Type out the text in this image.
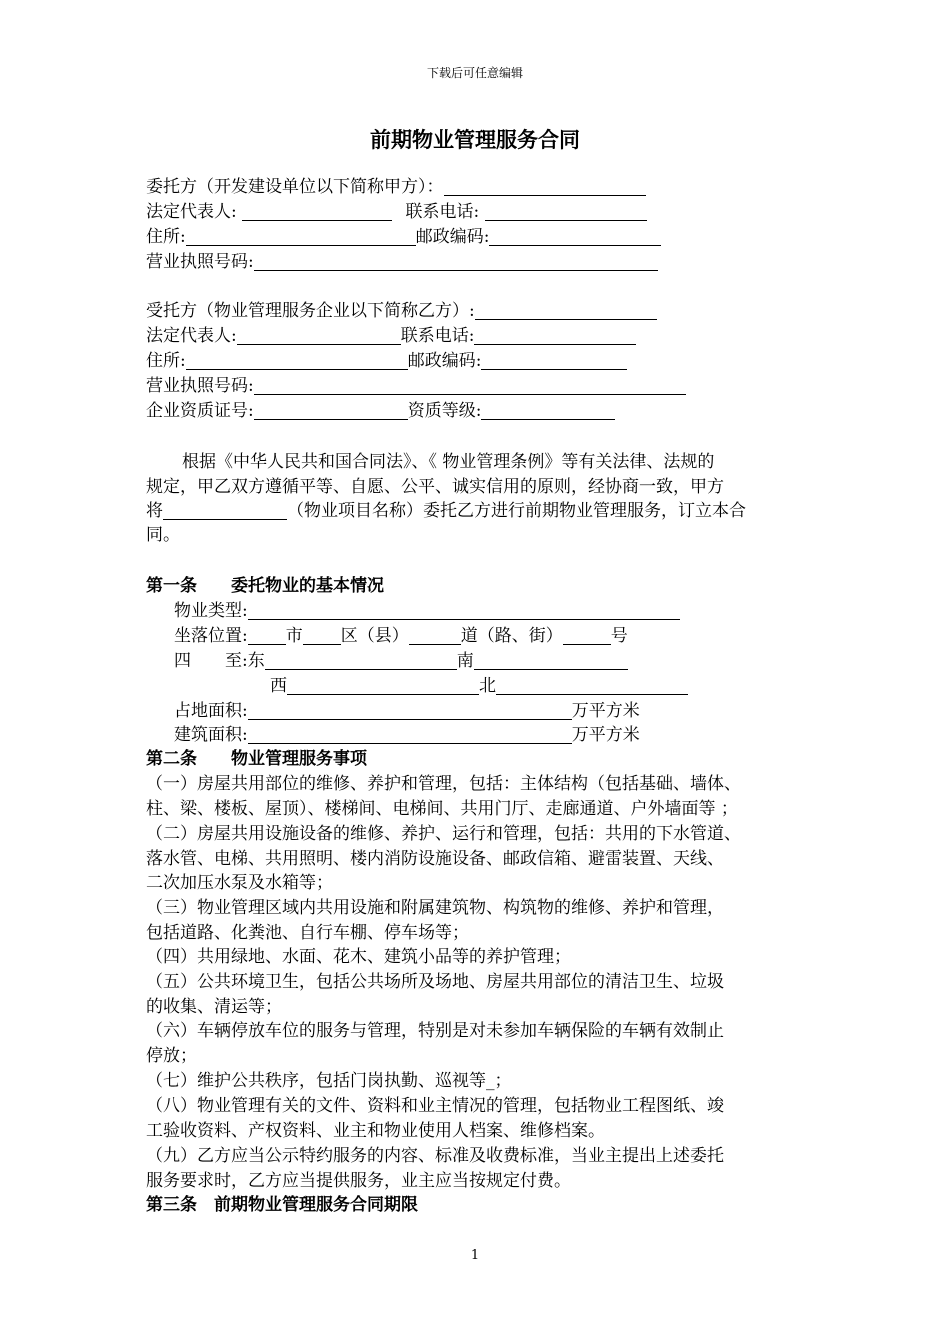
下载后可任意编辑
前期物业管理服务合同
委托方（开发建设单位以下简称甲方）：
法定代表人:	联系电话:
住所:	邮政编码:
营业执照号码:
受托方（物业管理服务企业以下简称乙方）:
法定代表人:	联系电话:
住所:	邮政编码:
营业执照号码:
企业资质证号:	资质等级:
根据《中华人民共和国合同法》、《 物业管理条例》等有关法律、法规的
规定，甲乙双方遵循平等、自愿、公平、诚实信用的原则，经协商一致，甲方
将	（物业项目名称）委托乙方进行前期物业管理服务，订立本合
同。
第一条　　委托物业的基本情况
物业类型:
坐落位置: 市 区（县）	道（路、街）	号
四　　至:东	南
西	北
占地面积:	万平方米
建筑面积:	万平方米
第二条　　物业管理服务事项
（一）房屋共用部位的维修、养护和管理，包括：主体结构（包括基础、墙体、
柱、梁、楼板、屋顶）、楼梯间、电梯间、共用门厅、走廊通道、户外墙面等 ；
（二）房屋共用设施设备的维修、养护、运行和管理，包括：共用的下水管道、
落水管、电梯、共用照明、楼内消防设施设备、邮政信箱、避雷装置、天线、
二次加压水泵及水箱等；
（三）物业管理区域内共用设施和附属建筑物、构筑物的维修、养护和管理，
包括道路、化粪池、自行车棚、停车场等；
（四）共用绿地、水面、花木、建筑小品等的养护管理；
（五）公共环境卫生，包括公共场所及场地、房屋共用部位的清洁卫生、垃圾
的收集、清运等；
（六）车辆停放车位的服务与管理，特别是对未参加车辆保险的车辆有效制止
停放；
（七）维护公共秩序，包括门岗执勤、巡视等_；
（八）物业管理有关的文件、资料和业主情况的管理，包括物业工程图纸、竣
工验收资料、产权资料、业主和物业使用人档案、维修档案。
（九）乙方应当公示特约服务的内容、标准及收费标准，当业主提出上述委托
服务要求时，乙方应当提供服务，业主应当按规定付费。
第三条　前期物业管理服务合同期限
1
